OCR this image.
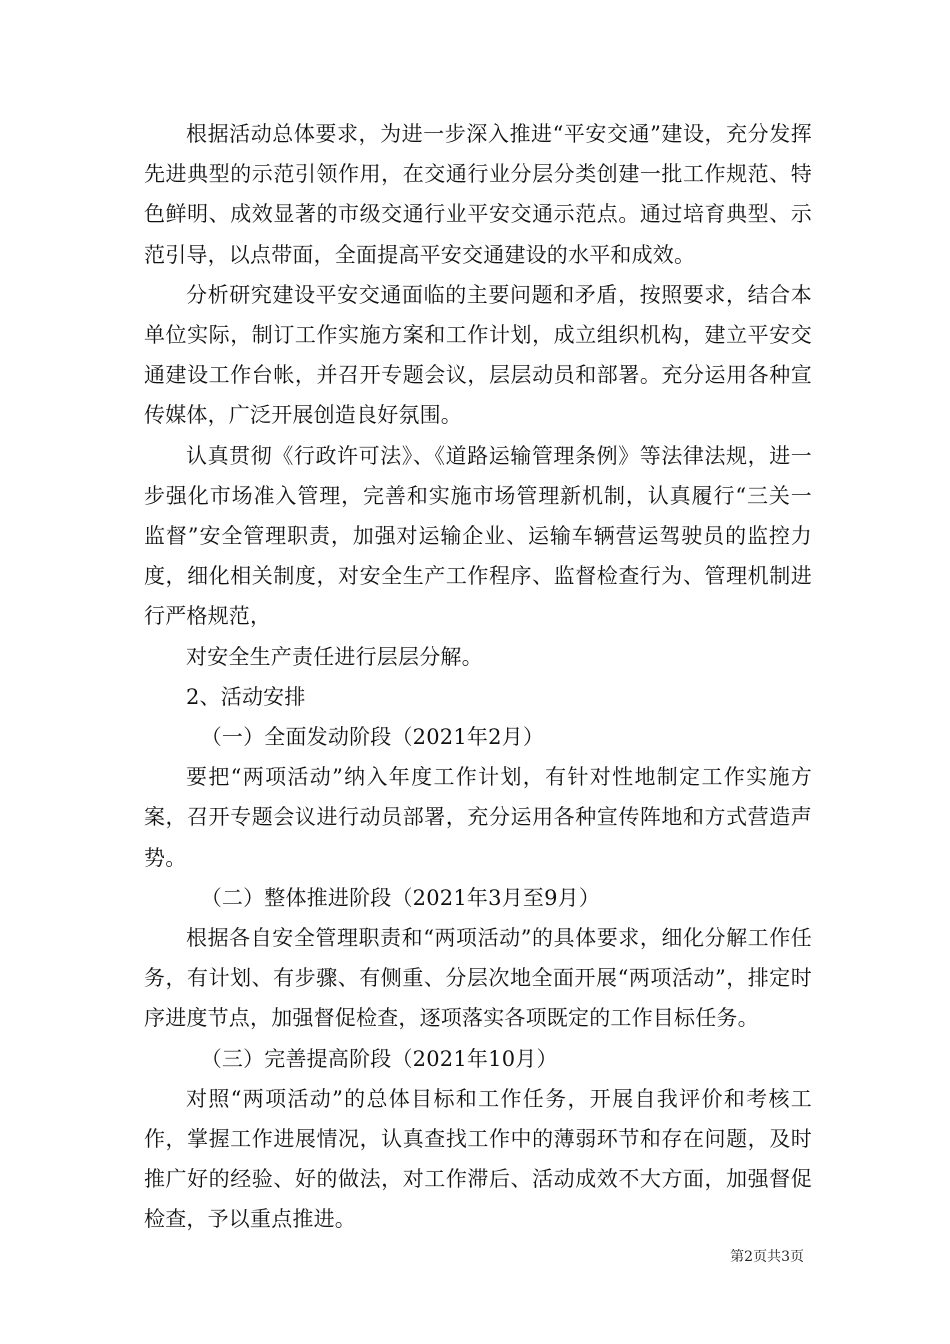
根据活动总体要求，为进一步深入推进“平安交通”建设，充分发挥先进典型的示范引领作用，在交通行业分层分类创建一批工作规范、特色鲜明、成效显著的市级交通行业平安交通示范点。通过培育典型、示范引导，以点带面，全面提高平安交通建设的水平和成效。

分析研究建设平安交通面临的主要问题和矛盾，按照要求，结合本单位实际，制订工作实施方案和工作计划，成立组织机构，建立平安交通建设工作台帐，并召开专题会议，层层动员和部署。充分运用各种宣传媒体，广泛开展创造良好氛围。

认真贯彻《行政许可法》、《道路运输管理条例》等法律法规，进一步强化市场准入管理，完善和实施市场管理新机制，认真履行“三关一监督”安全管理职责，加强对运输企业、运输车辆营运驾驶员的监控力度，细化相关制度，对安全生产工作程序、监督检查行为、管理机制进行严格规范，

对安全生产责任进行层层分解。

2、活动安排

（一）全面发动阶段（2021年2月）

要把“两项活动”纳入年度工作计划，有针对性地制定工作实施方案，召开专题会议进行动员部署，充分运用各种宣传阵地和方式营造声势。

（二）整体推进阶段（2021年3月至9月）

根据各自安全管理职责和“两项活动”的具体要求，细化分解工作任务，有计划、有步骤、有侧重、分层次地全面开展“两项活动”，排定时序进度节点，加强督促检查，逐项落实各项既定的工作目标任务。

（三）完善提高阶段（2021年10月）

对照“两项活动”的总体目标和工作任务，开展自我评价和考核工作，掌握工作进展情况，认真查找工作中的薄弱环节和存在问题，及时推广好的经验、好的做法，对工作滞后、活动成效不大方面，加强督促检查，予以重点推进。

第2页共3页
